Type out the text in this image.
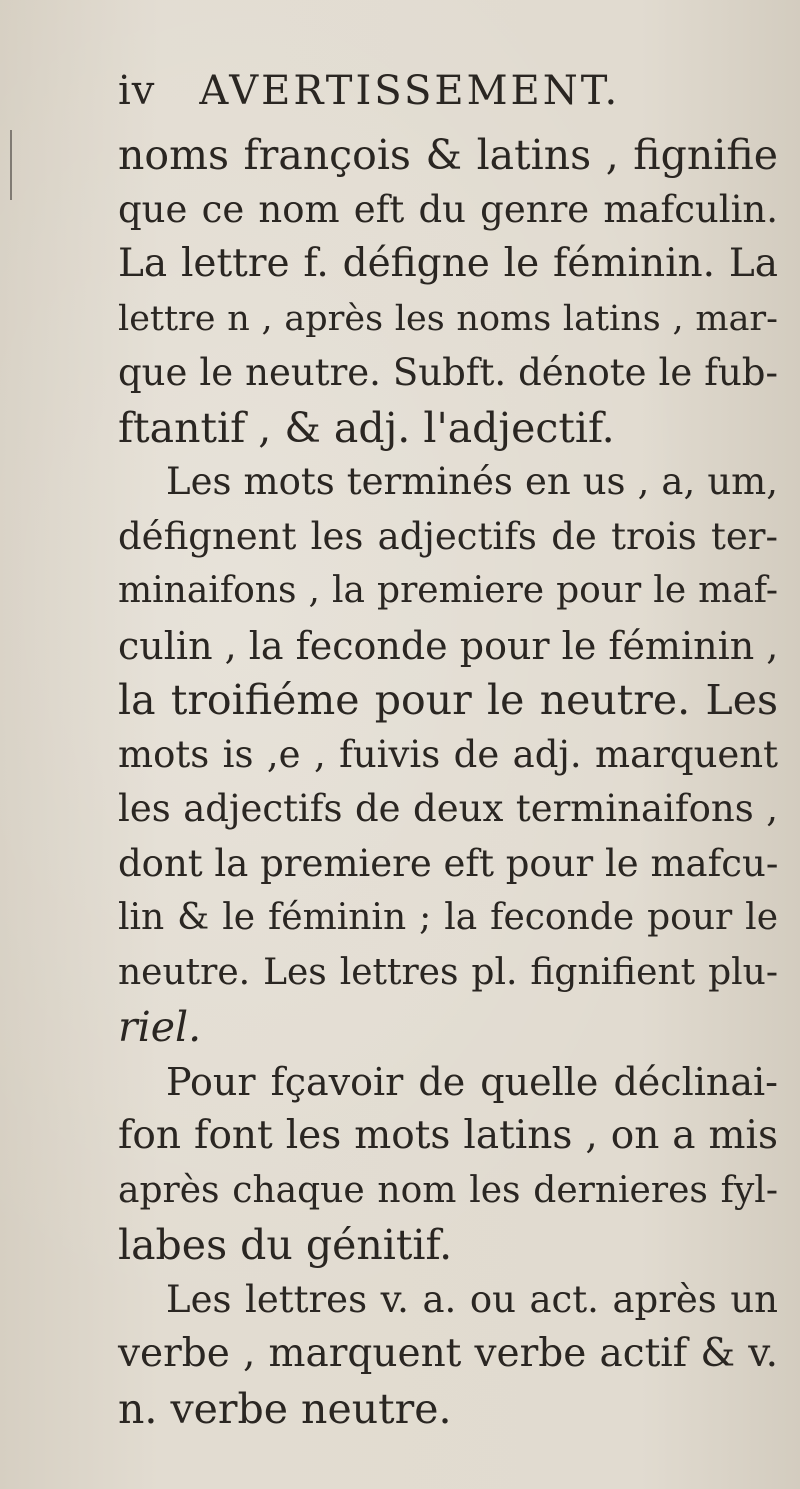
iv AVERTISSEMENT.
noms françois & latins , fignifie
que ce nom eft du genre mafculin.
La lettre f. défigne le féminin. La
lettre n , après les noms latins , mar-
que le neutre. Subft. dénote le fub-
ftantif , & adj. l'adjectif.
Les mots terminés en us , a, um,
défignent les adjectifs de trois ter-
minaifons , la premiere pour le maf-
culin , la feconde pour le féminin ,
la troifiéme pour le neutre. Les
mots is ,e , fuivis de adj. marquent
les adjectifs de deux terminaifons ,
dont la premiere eft pour le mafcu-
lin & le féminin ; la feconde pour le
neutre. Les lettres pl. fignifient plu-
riel.
Pour fçavoir de quelle déclinai-
fon font les mots latins , on a mis
après chaque nom les dernieres fyl-
labes du génitif.
Les lettres v. a. ou act. après un
verbe , marquent verbe actif & v.
n. verbe neutre.
